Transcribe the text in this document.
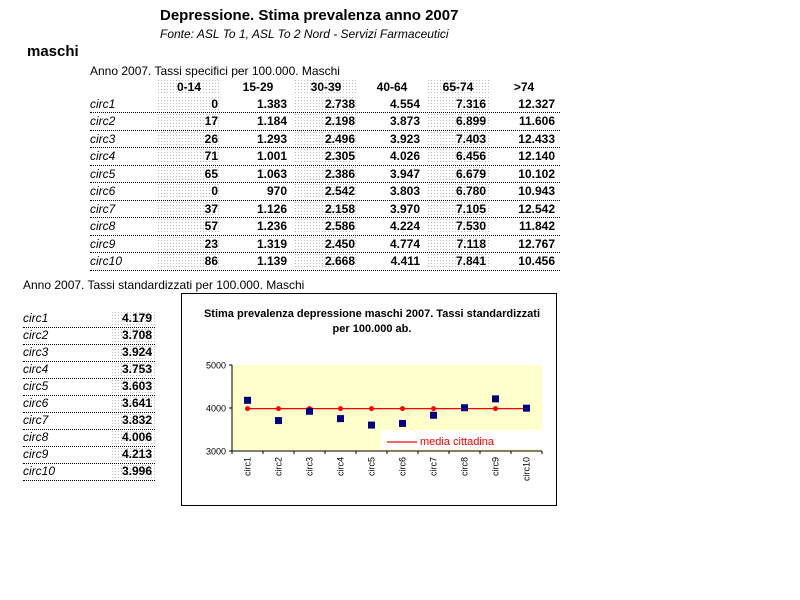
Depressione. Stima prevalenza anno 2007
Fonte: ASL To 1, ASL To 2 Nord - Servizi Farmaceutici
maschi
Anno 2007. Tassi specifici per 100.000. Maschi
0-14	15-29	30-39	40-64	65-74	>74
circ1	0	1.383	2.738	4.554	7.316	12.327
circ2	17	1.184	2.198	3.873	6.899	11.606
circ3	26	1.293	2.496	3.923	7.403	12.433
circ4	71	1.001	2.305	4.026	6.456	12.140
circ5	65	1.063	2.386	3.947	6.679	10.102
circ6	0	970	2.542	3.803	6.780	10.943
circ7	37	1.126	2.158	3.970	7.105	12.542
circ8	57	1.236	2.586	4.224	7.530	11.842
circ9	23	1.319	2.450	4.774	7.118	12.767
circ10	86	1.139	2.668	4.411	7.841	10.456
Anno 2007. Tassi standardizzati per 100.000. Maschi
circ1	4.179
circ2	3.708
circ3	3.924
circ4	3.753
circ5	3.603
circ6	3.641
circ7	3.832
circ8	4.006
circ9	4.213
circ10	3.996
Stima prevalenza depressione maschi 2007. Tassi standardizzati per 100.000 ab.
5000
4000
3000
circ1 circ2 circ3 circ4 circ5 circ6 circ7 circ8 circ9 circ10
media cittadina
